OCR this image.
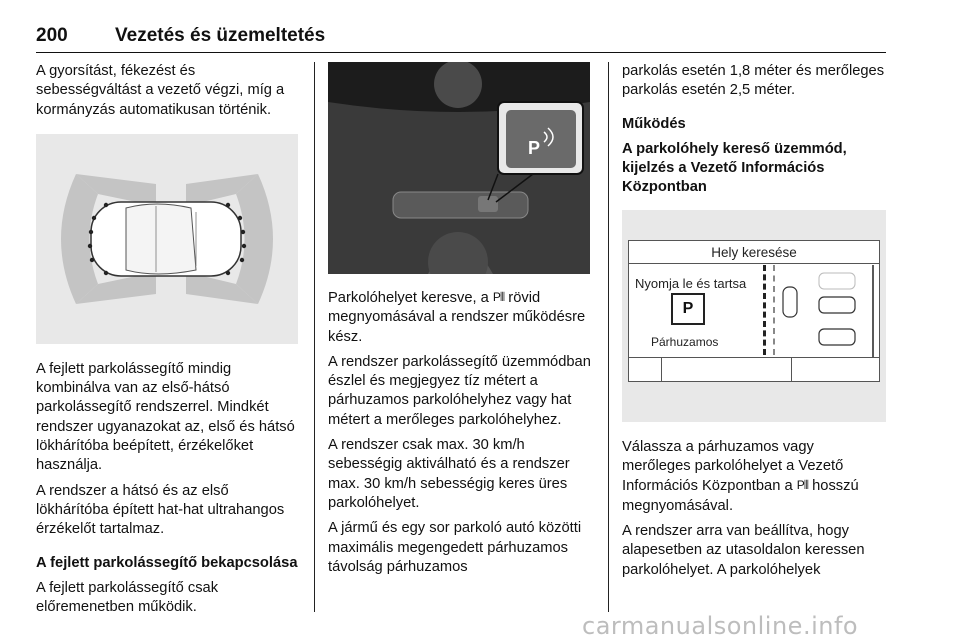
200 Vezetés és üzemeltetés

A gyorsítást, fékezést és sebességváltást a vezető végzi, míg a kormányzás automatikusan történik.

A fejlett parkolássegítő mindig kombinálva van az első-hátsó parkolássegítő rendszerrel. Mindkét rendszer ugyanazokat az, első és hátsó lökhárítóba beépített, érzékelőket használja.

A rendszer a hátsó és az első lökhárítóba épített hat-hat ultrahangos érzékelőt tartalmaz.

A fejlett parkolássegítő bekapcsolása

A fejlett parkolássegítő csak előremenetben működik.

P

Parkolóhelyet keresve, a P⦀ rövid megnyomásával a rendszer működésre kész.

A rendszer parkolássegítő üzemmódban észlel és megjegyez tíz métert a párhuzamos parkolóhelyhez vagy hat métert a merőleges parkolóhelyhez.

A rendszer csak max. 30 km/h sebességig aktiválható és a rendszer max. 30 km/h sebességig keres üres parkolóhelyet.

A jármű és egy sor parkoló autó közötti maximális megengedett párhuzamos távolság párhuzamos

parkolás esetén 1,8 méter és merőleges parkolás esetén 2,5 méter.

Működés

A parkolóhely kereső üzemmód, kijelzés a Vezető Információs Központban

Hely keresése
Nyomja le és tartsa
P
Párhuzamos

Válassza a párhuzamos vagy merőleges parkolóhelyet a Vezető Információs Központban a P⦀ hosszú megnyomásával.

A rendszer arra van beállítva, hogy alapesetben az utasoldalon keressen parkolóhelyet. A parkolóhelyek

carmanualsonline.info
